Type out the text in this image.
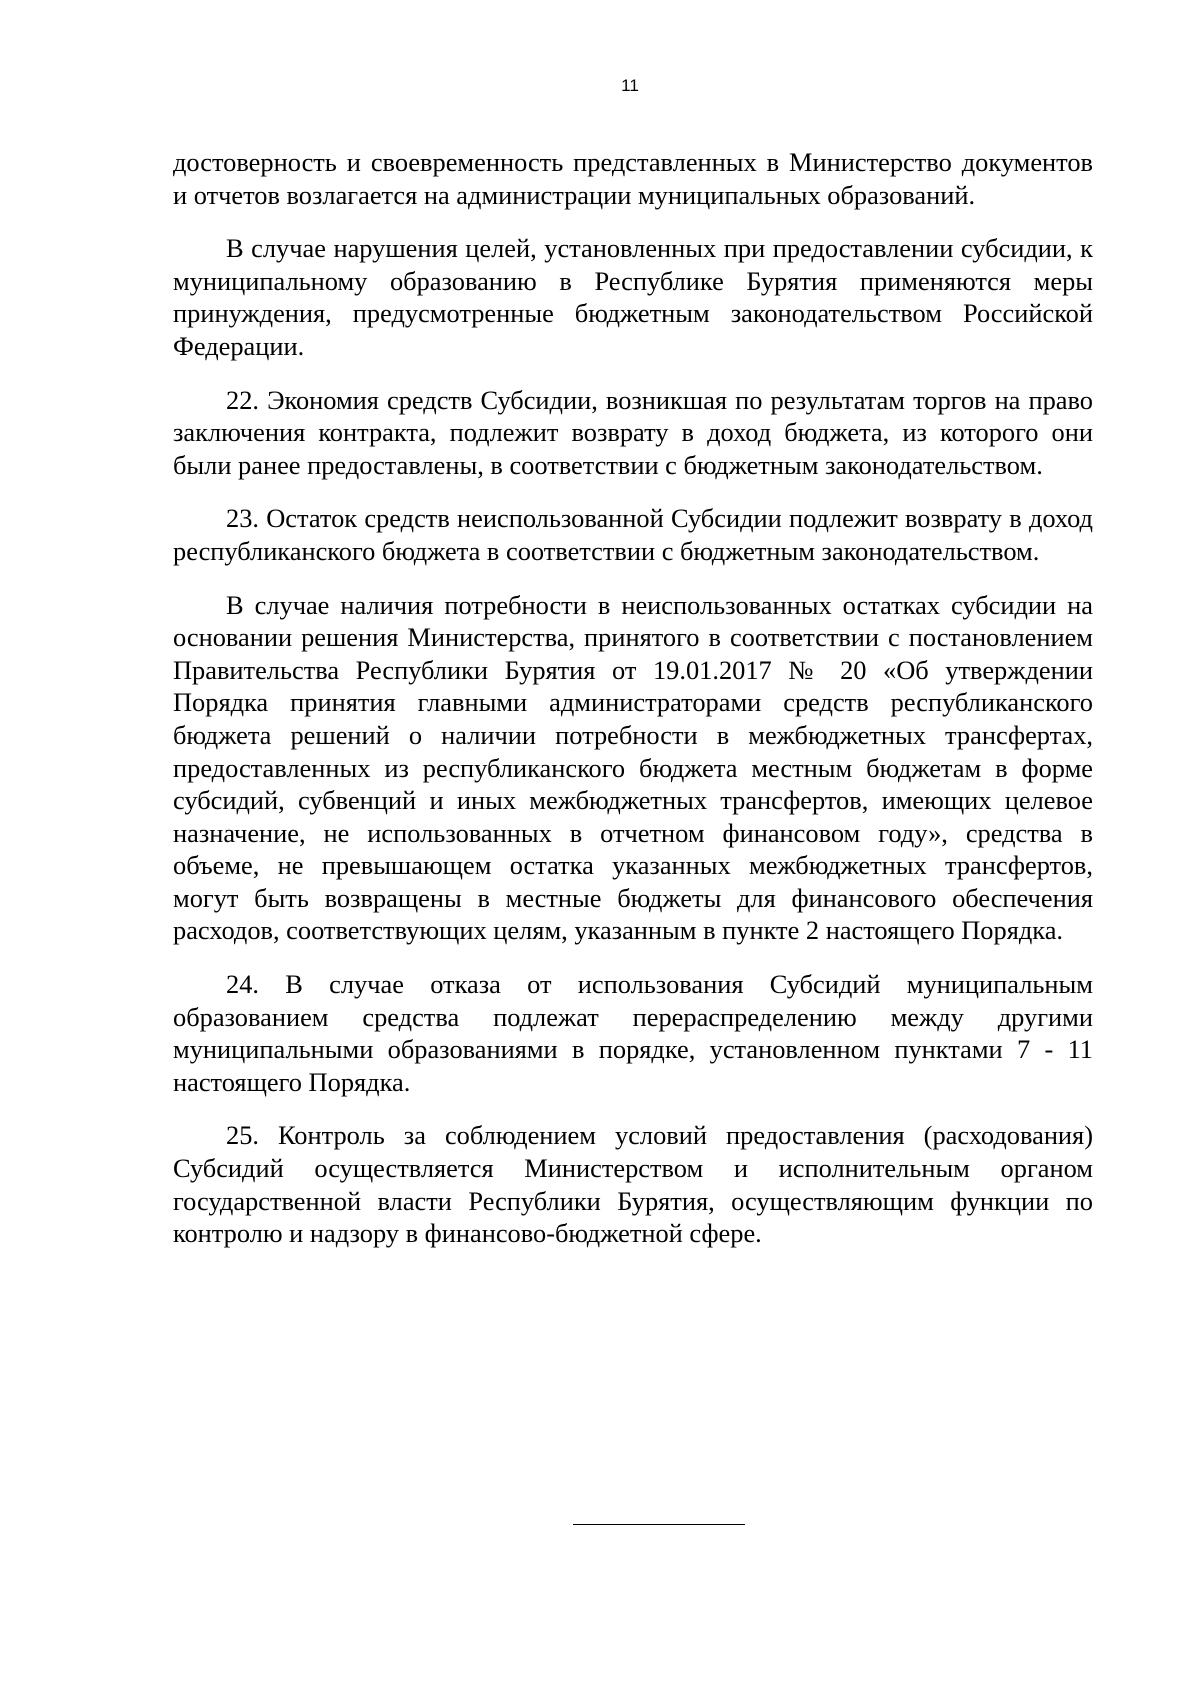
11

достоверность и своевременность представленных в Министерство документов и отчетов возлагается на администрации муниципальных образований.

В случае нарушения целей, установленных при предоставлении субсидии, к муниципальному образованию в Республике Бурятия применяются меры принуждения, предусмотренные бюджетным законодательством Российской Федерации.

22. Экономия средств Субсидии, возникшая по результатам торгов на право заключения контракта, подлежит возврату в доход бюджета, из которого они были ранее предоставлены, в соответствии с бюджетным законодательством.

23. Остаток средств неиспользованной Субсидии подлежит возврату в доход республиканского бюджета в соответствии с бюджетным законодательством.

В случае наличия потребности в неиспользованных остатках субсидии на основании решения Министерства, принятого в соответствии с постановлением Правительства Республики Бурятия от 19.01.2017 № 20 «Об утверждении Порядка принятия главными администраторами средств республиканского бюджета решений о наличии потребности в межбюджетных трансфертах, предоставленных из республиканского бюджета местным бюджетам в форме субсидий, субвенций и иных межбюджетных трансфертов, имеющих целевое назначение, не использованных в отчетном финансовом году», средства в объеме, не превышающем остатка указанных межбюджетных трансфертов, могут быть возвращены в местные бюджеты для финансового обеспечения расходов, соответствующих целям, указанным в пункте 2 настоящего Порядка.

24. В случае отказа от использования Субсидий муниципальным образованием средства подлежат перераспределению между другими муниципальными образованиями в порядке, установленном пунктами 7 - 11 настоящего Порядка.

25. Контроль за соблюдением условий предоставления (расходования) Субсидий осуществляется Министерством и исполнительным органом государственной власти Республики Бурятия, осуществляющим функции по контролю и надзору в финансово-бюджетной сфере.
